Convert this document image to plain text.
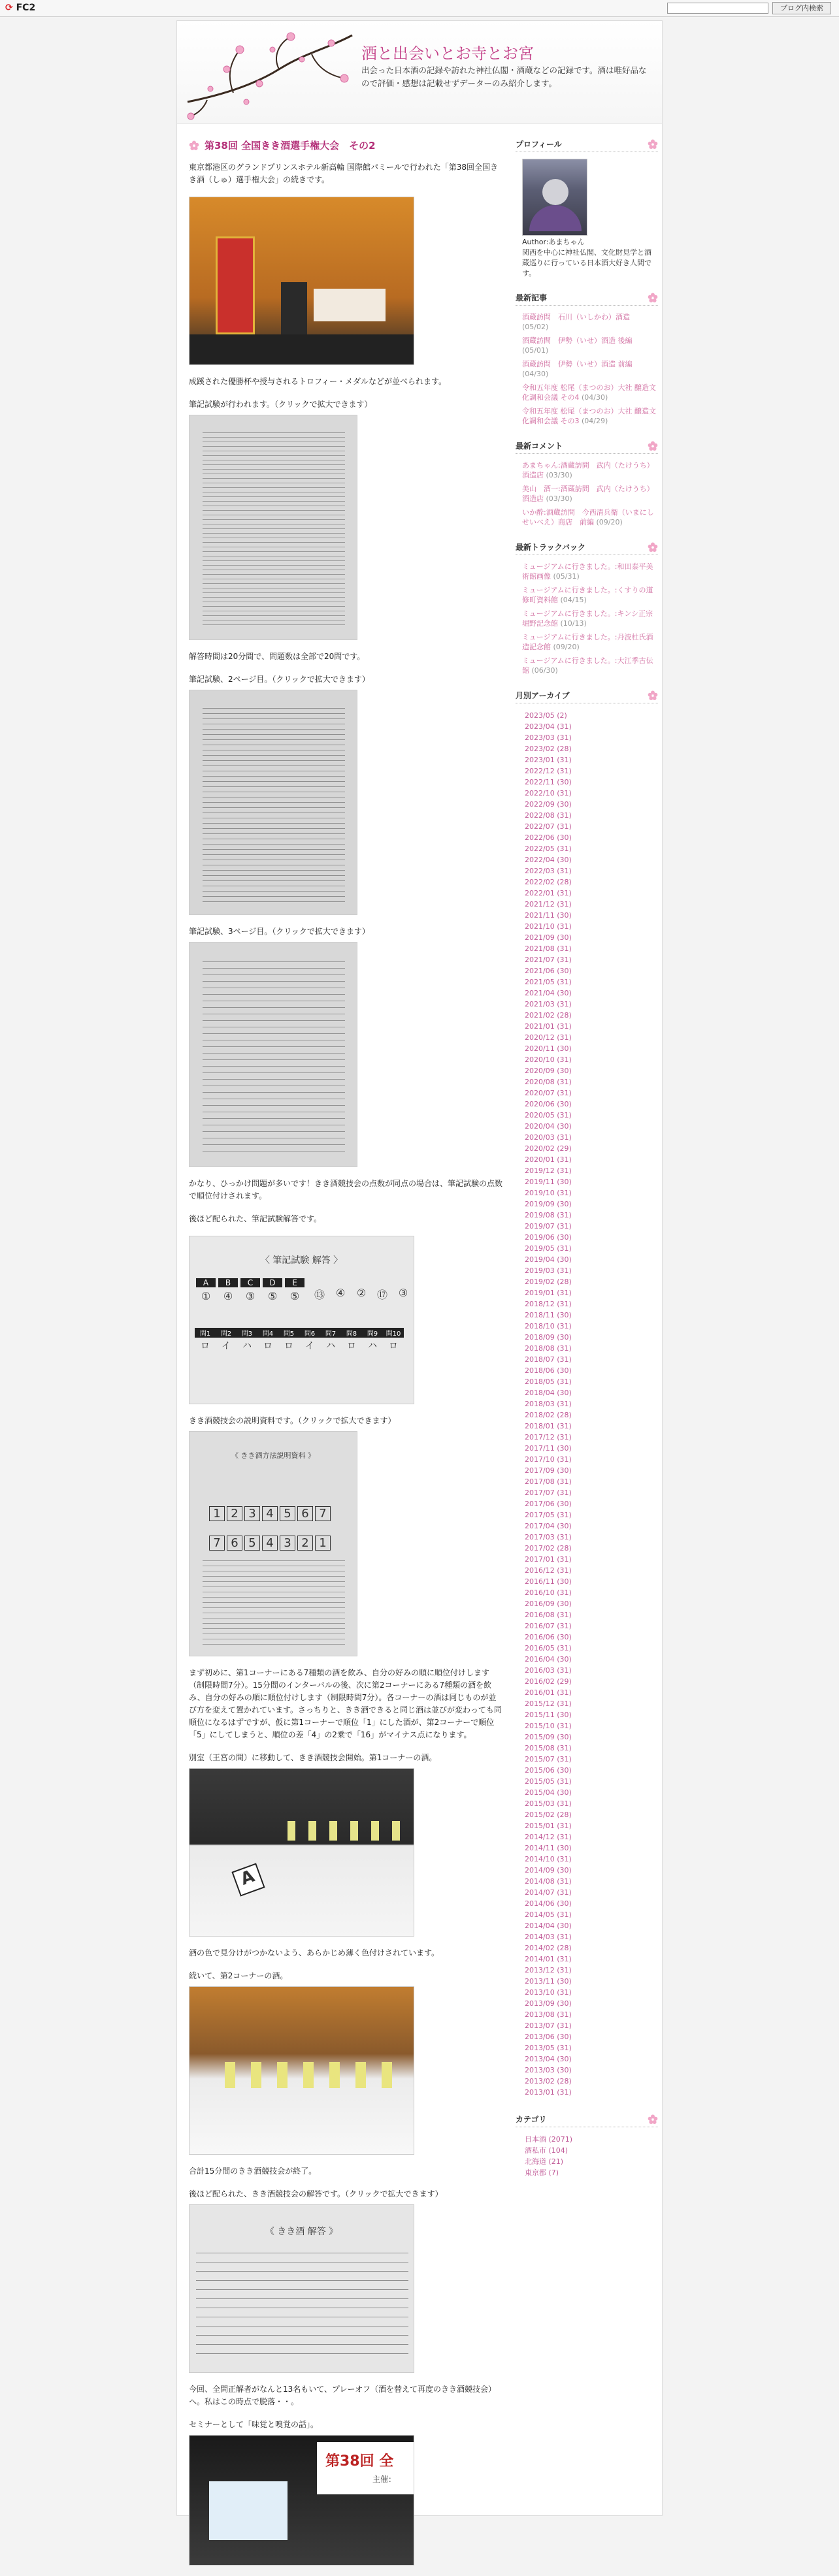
⟳ FC2	ブログ内検索
酒と出会いとお寺とお宮
出会った日本酒の記録や訪れた神社仏閣・酒蔵などの記録です。酒は唯好品なので評価・感想は記載せずデーターのみ紹介します。
第38回 全国きき酒選手権大会　その2
東京都港区のグランドプリンスホテル新高輪 国際館パミールで行われた「第38回全国きき酒（しゅ）選手権大会」の続きです。
成蹊された優勝杯や授与されるトロフィー・メダルなどが並べられます。
筆記試験が行われます。（クリックで拡大できます）
解答時間は20分間で、問題数は全部で20問です。
筆記試験、2ページ目。（クリックで拡大できます）
筆記試験、3ページ目。（クリックで拡大できます）
かなり、ひっかけ問題が多いです！きき酒競技会の点数が同点の場合は、筆記試験の点数で順位付けされます。
後ほど配られた、筆記試験解答です。
〈 筆記試験 解答 〉
A	B	C	D	E
①	④	③	⑤	⑤	⑬	④	②	⑰	③
問1	問2	問3	問4	問5	問6	問7	問8	問9	問10
ロ	イ	ハ	ロ	ロ	イ	ハ	ロ	ハ	ロ
きき酒競技会の説明資料です。（クリックで拡大できます）
《 きき酒方法説明資料 》
1 2 3 4 5 6 7
7 6 5 4 3 2 1
まず初めに、第1コーナーにある7種類の酒を飲み、自分の好みの順に順位付けします（制限時間7分）。15分間のインターバルの後、次に第2コーナーにある7種類の酒を飲み、自分の好みの順に順位付けします（制限時間7分）。各コーナーの酒は同じものが並び方を変えて置かれています。さっちりと、きき酒できると同じ酒は並びが変わっても同順位になるはずですが、仮に第1コーナーで順位「1」にした酒が、第2コーナーで順位「5」にしてしまうと、順位の差「4」の2乗で「16」がマイナス点になります。
別室（王宮の間）に移動して、きき酒競技会開始。第1コーナーの酒。
A
酒の色で見分けがつかないよう、あらかじめ薄く色付けされています。
続いて、第2コーナーの酒。
合計15分間のきき酒競技会が終了。
後ほど配られた、きき酒競技会の解答です。（クリックで拡大できます）
《 きき酒 解答 》
今回、全問正解者がなんと13名もいて、プレーオフ（酒を替えて再度のきき酒競技会）へ。私はこの時点で脱落・・。
セミナーとして「味覚と嗅覚の話」。
第38回 全
主催：
プロフィール
Author:あまちゃん
関西を中心に神社仏閣、文化財見学と酒蔵巡りに行っている日本酒大好き人間です。
最新記事
酒蔵訪問　石川（いしかわ）酒造 (05/02)
酒蔵訪問　伊勢（いせ）酒造 後編 (05/01)
酒蔵訪問　伊勢（いせ）酒造 前編 (04/30)
令和五年度 松尾（まつのお）大社 醸造文化調和会議 その4 (04/30)
令和五年度 松尾（まつのお）大社 醸造文化調和会議 その3 (04/29)
最新コメント
あまちゃん:酒蔵訪問　武内（たけうち）酒造店 (03/30)
美山　酒一:酒蔵訪問　武内（たけうち）酒造店 (03/30)
いか酔:酒蔵訪問　今西清兵衛（いまにしせいべえ）商店　前編 (09/20)
最新トラックバック
ミュージアムに行きました。:和田泰平美術館画像 (05/31)
ミュージアムに行きました。:くすりの道修町資料館 (04/15)
ミュージアムに行きました。:キンシ正宗 堀野記念館 (10/13)
ミュージアムに行きました。:丹波杜氏酒造記念館 (09/20)
ミュージアムに行きました。:大江季古伝館 (06/30)
月別アーカイブ
2023/05 (2)
2023/04 (31)
2023/03 (31)
2023/02 (28)
2023/01 (31)
2022/12 (31)
2022/11 (30)
2022/10 (31)
2022/09 (30)
2022/08 (31)
2022/07 (31)
2022/06 (30)
2022/05 (31)
2022/04 (30)
2022/03 (31)
2022/02 (28)
2022/01 (31)
2021/12 (31)
2021/11 (30)
2021/10 (31)
2021/09 (30)
2021/08 (31)
2021/07 (31)
2021/06 (30)
2021/05 (31)
2021/04 (30)
2021/03 (31)
2021/02 (28)
2021/01 (31)
2020/12 (31)
2020/11 (30)
2020/10 (31)
2020/09 (30)
2020/08 (31)
2020/07 (31)
2020/06 (30)
2020/05 (31)
2020/04 (30)
2020/03 (31)
2020/02 (29)
2020/01 (31)
2019/12 (31)
2019/11 (30)
2019/10 (31)
2019/09 (30)
2019/08 (31)
2019/07 (31)
2019/06 (30)
2019/05 (31)
2019/04 (30)
2019/03 (31)
2019/02 (28)
2019/01 (31)
2018/12 (31)
2018/11 (30)
2018/10 (31)
2018/09 (30)
2018/08 (31)
2018/07 (31)
2018/06 (30)
2018/05 (31)
2018/04 (30)
2018/03 (31)
2018/02 (28)
2018/01 (31)
2017/12 (31)
2017/11 (30)
2017/10 (31)
2017/09 (30)
2017/08 (31)
2017/07 (31)
2017/06 (30)
2017/05 (31)
2017/04 (30)
2017/03 (31)
2017/02 (28)
2017/01 (31)
2016/12 (31)
2016/11 (30)
2016/10 (31)
2016/09 (30)
2016/08 (31)
2016/07 (31)
2016/06 (30)
2016/05 (31)
2016/04 (30)
2016/03 (31)
2016/02 (29)
2016/01 (31)
2015/12 (31)
2015/11 (30)
2015/10 (31)
2015/09 (30)
2015/08 (31)
2015/07 (31)
2015/06 (30)
2015/05 (31)
2015/04 (30)
2015/03 (31)
2015/02 (28)
2015/01 (31)
2014/12 (31)
2014/11 (30)
2014/10 (31)
2014/09 (30)
2014/08 (31)
2014/07 (31)
2014/06 (30)
2014/05 (31)
2014/04 (30)
2014/03 (31)
2014/02 (28)
2014/01 (31)
2013/12 (31)
2013/11 (30)
2013/10 (31)
2013/09 (30)
2013/08 (31)
2013/07 (31)
2013/06 (30)
2013/05 (31)
2013/04 (30)
2013/03 (30)
2013/02 (28)
2013/01 (31)
カテゴリ
日本酒 (2071)
酒私市 (104)
北海道 (21)
東京都 (7)
